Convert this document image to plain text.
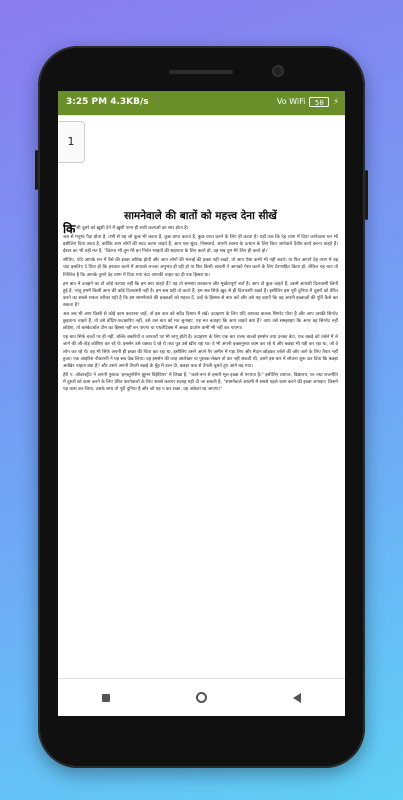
3:25 PM 4.3KB/s	Vo WiFi	58	⚡
1
सामनेवाले की बातों को महत्त्व देना सीखें

किसी दूसरे को ख़ुशी देने में ख़ुशी पाना ही सारी कलाओं का सार होता है।

जब से मनुष्य पैदा होता है, तभी से वह जो कुछ भी करता है, कुछ प्राप्त करता है, कुछ प्राप्त करने के लिए ही करता है। यहाँ तक कि देह त्याग में दिया जानेवाला धन भी इसीलिए दिया जाता है, क्योंकि आप लोगों की मदद करना चाहते हैं, आप एक सुंदर, निस्स्वार्थ, अपनी आत्मा के उत्थान के लिए किए जानेवाले दैवीय कार्य करना चाहते हैं। ईश्वर का भी यही मत है, 'जितना भी तुम मेरे इन निर्धन भाइयों की सहायता के लिए करते हो, वह सब तुम मेरे लिए ही करते हो।'

सोचिए, यदि आपके मन में पैसे की इच्छा अधिक होती और आप लोगों की भलाई की इच्छा नहीं रखते, तो आप ऐसा कभी भी नहीं करते। या फिर आपने देह त्याग में वह चंदा इसलिए दे दिया हो कि इनकार करने में आपको लज्जा अनुभव हो रही हो या फिर किसी आदमी ने आपको ऐसा करने के लिए प्रेरणाहित किया हो, लेकिन यह बात तो निश्चित है कि आपके तुमने देह त्याग में दिया गया चंदा आपकी चाहत का ही एक हिस्सा था।

हम बात में उतझने का तो कोई फायदा नहीं कि हम क्या चाहते हैं? यह तो समस्या बचकाना और मूर्खतापूर्ण बातें हैं। आप तो कुछ चाहते हैं, उसमें आपकी दिलचस्पी छिपी हुई है, परंतु हममें किसी अन्य की कोई दिलचस्पी नहीं है। हम सब यही तो करते हैं, हम सब सिर्फ़ ख़ुद से ही दिलचस्पी रखते हैं। इसीलिए इस पूरी दुनिया में दूसरों को प्रेरित करने का सबसे सफल तरीका यही है कि हम सामनेवाले की इच्छाओं को महत्त्व दें, उन्हें के हिसाब से बात करें और उसे यह बताएँ कि वह अपनी इच्छाओं की पूर्ति कैसे कर सकता है?

अब जब भी आप किसी से कोई काम करवाना चाहें, तो इस बात को सदैव दिमाग़ में रखें। उदाहरण के लिए यदि आपका बालक सिगरेट पीता है और आप उसकी सिगरेट छुड़वाना चाहते हैं, तो उसे डाँटिए-फटकारिए नहीं, उसे उस बात को मत सुनाइए, यह मत बताइए कि आप चाहते क्या हैं? आप उसे समझाइए कि अगर वह सिगरेट नहीं छोड़ेगा, तो बास्केटबॉल टीम का हिस्सा नहीं बन पाएगा या एथलेटिक्स में अच्छा प्रदर्शन कभी भी नहीं कर पाएगा।

यह बात सिर्फ़ बच्चों पर ही नहीं, बल्कि बकरियों व जानवरों पर भी लागू होती है। उदाहरण के लिए एक बार राल्फ वाल्डो इमर्सन तथा उनका बेटा, एक बछड़े को तबेले में ले जाने की जी-तोड़ कोशिश कर रहे थे। इमर्सन उसे धक्का दे रहे थे तथा पुत्र उसे खींच रहा था। वे भी अपनी इच्छानुसार काम कर रहे थे और बछड़ा भी यही कर रहा था, जो वे लोग कर रहे थे। वह भी सिर्फ़ अपनी ही इच्छा की चिंता कर रहा था, इसीलिए उसने अपने पैर ज़मीन में गड़ा लिए और मैदान छोड़कर तबेले की ओर जाने के लिए तैयार नहीं हुआ। एक आइरिश नौकरानी ने यह सब देख लिया। वह इमर्सन की तरह आलेखन या पुस्तक-लेखन तो कर नहीं सकती थी, उसने इस बार में सोचना शुरू कर दिया कि बछड़ा आखिर चाहता क्या है? और उसने अपनी उँगली बछड़े के मुँह में डाल दी, बछड़ा चाव से उँगली चूसते हुए आगे बढ़ गया।

हैरी ए. ओवरस्ट्रीट ने अपनी पुस्तक 'इन्फ़्लुएंसिंग ह्यूमन बिहेवियर' में लिखा है, "कार्य-रूप से हमारी मूल इच्छा से पनपता है।" इसीलिए व्यापार, विद्यालय, घर तथा राजनीति में दूसरों को काम करने के लिए प्रेरित करनेवालों के लिए सबसे कारगर सलाह यही दी जा सकती है, "सामनेवाले आदमी में सबसे पहले काम करने की इच्छा जगाइए। जिसने यह काम कर लिया, उसके साथ तो पूरी दुनिया है और जो यह न कर सका, वह अकेला रह जाएगा।"
